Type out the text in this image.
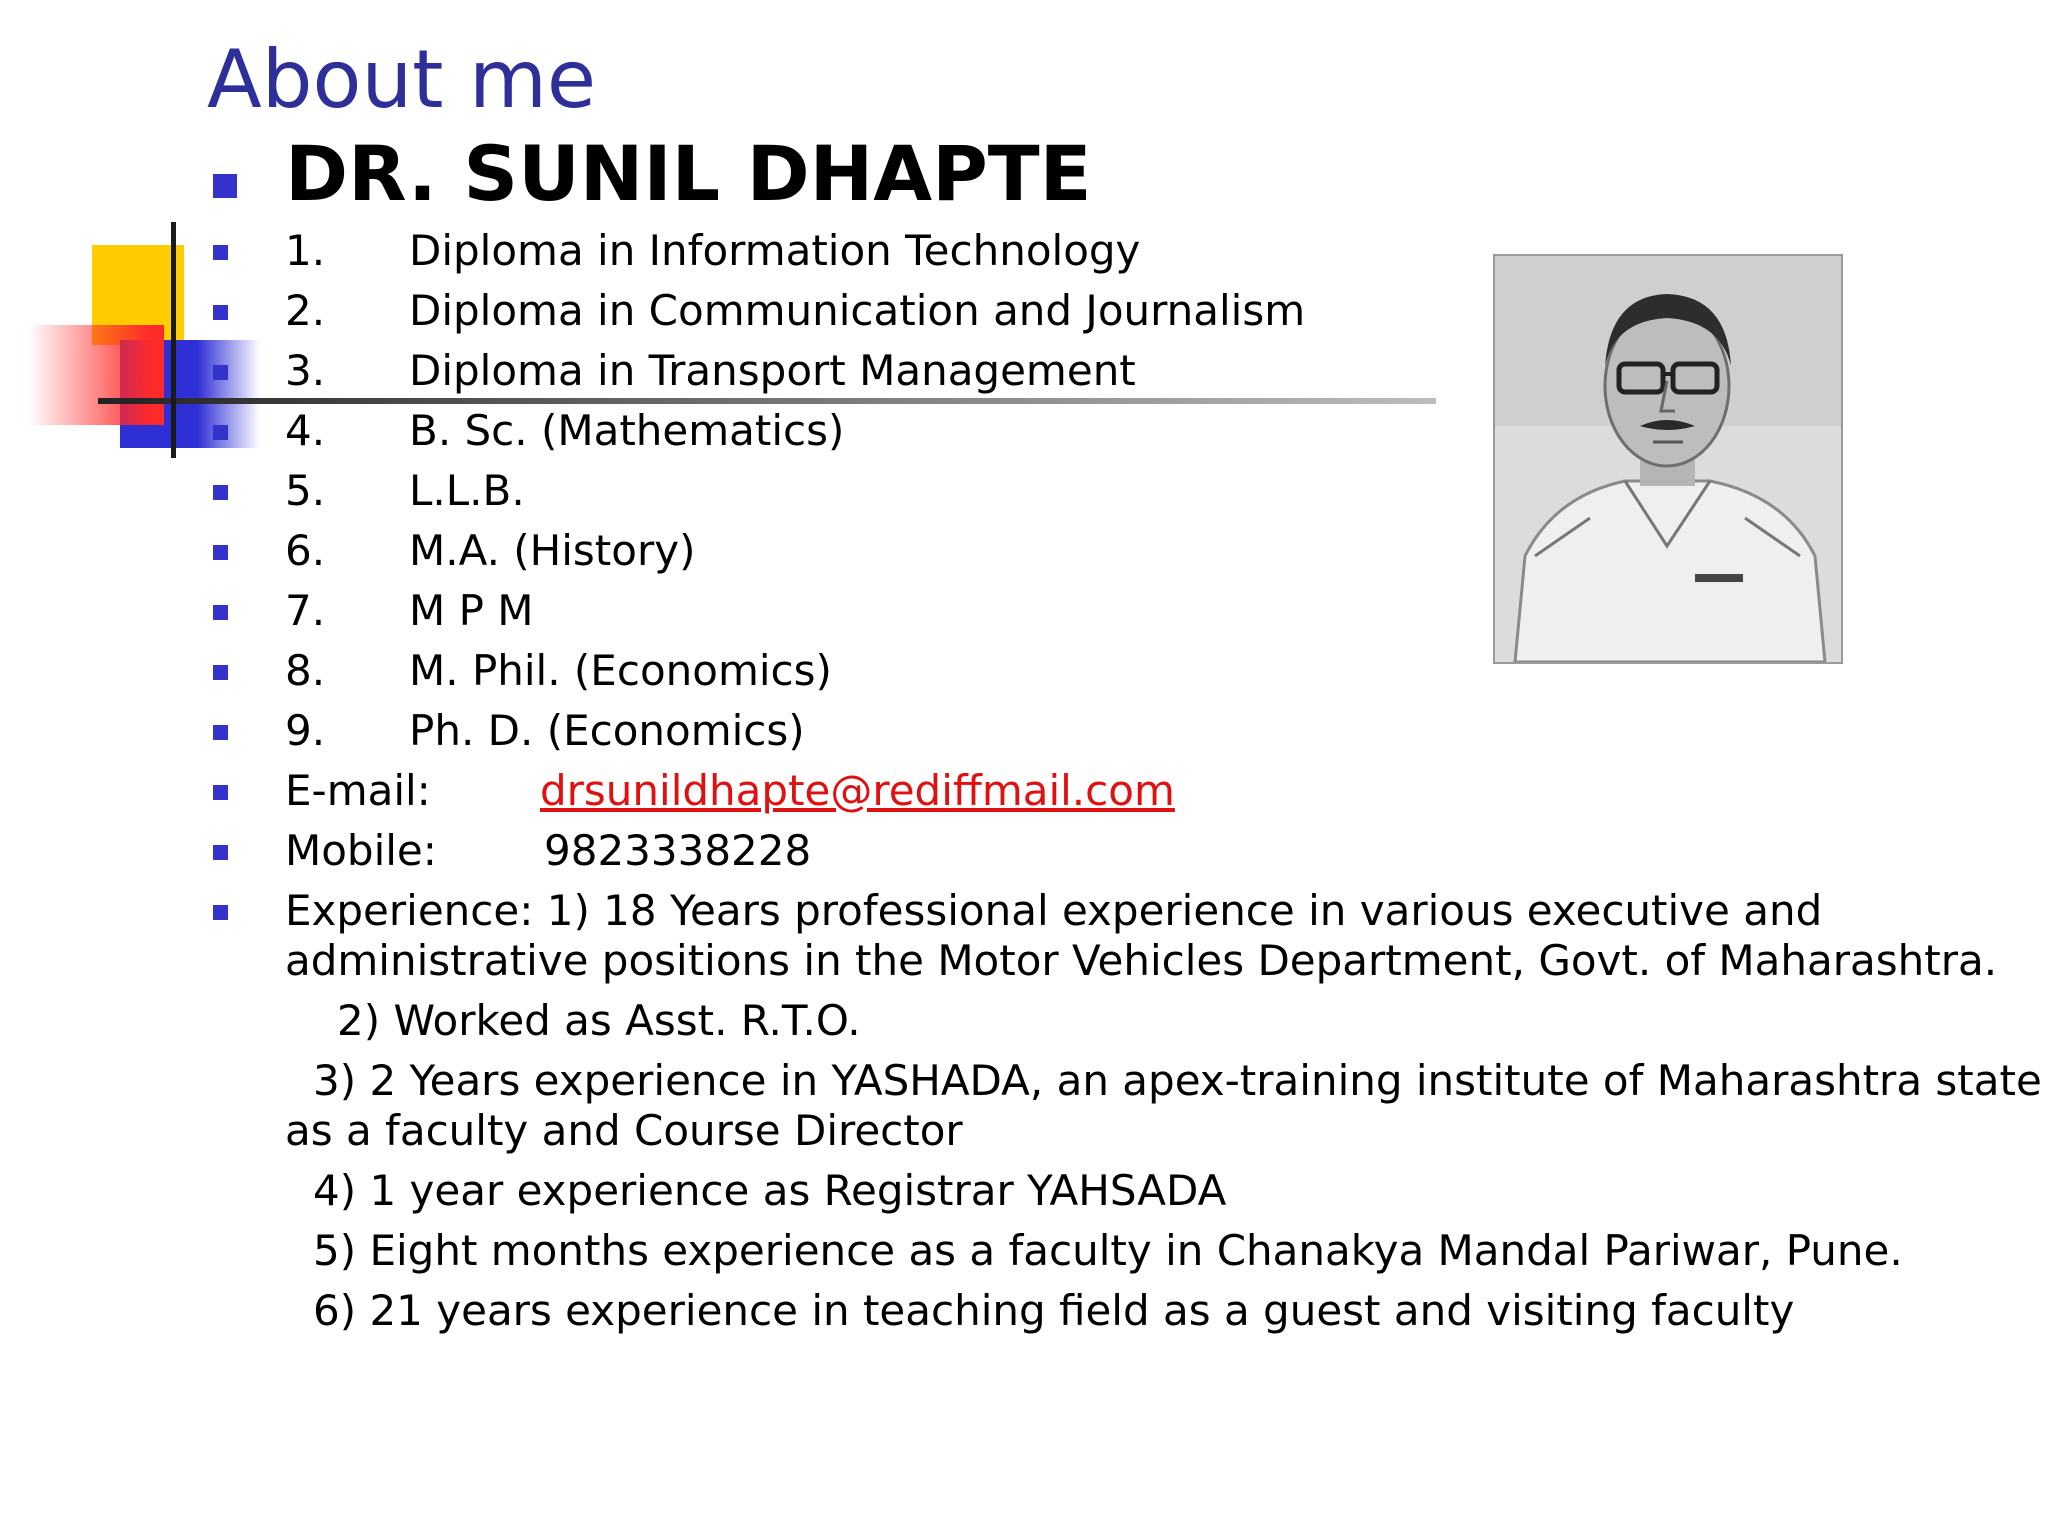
About me
DR. SUNIL DHAPTE
1. Diploma in Information Technology
2. Diploma in Communication and Journalism
3. Diploma in Transport Management
4. B. Sc. (Mathematics)
5. L.L.B.
6. M.A. (History)
7. M P M
8. M. Phil. (Economics)
9. Ph. D. (Economics)
E-mail:	drsunildhapte@rediffmail.com
Mobile:	9823338228
Experience: 1) 18 Years professional experience in various executive and
administrative positions in the Motor Vehicles Department, Govt. of Maharashtra.
2) Worked as Asst. R.T.O.
3) 2 Years experience in YASHADA, an apex-training institute of Maharashtra state
as a faculty and Course Director
4) 1 year experience as Registrar YAHSADA
5) Eight months experience as a faculty in Chanakya Mandal Pariwar, Pune.
6) 21 years experience in teaching field as a guest and visiting faculty
